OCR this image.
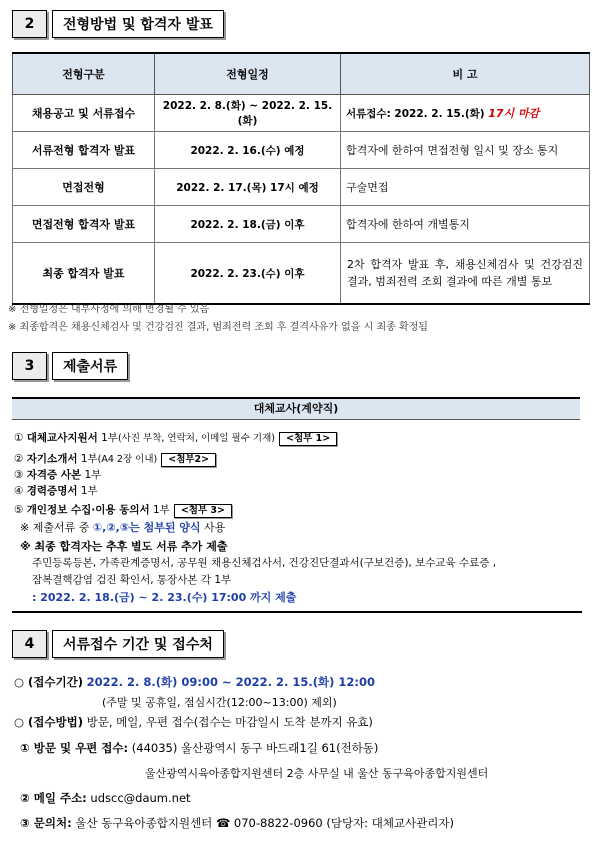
2	전형방법 및 합격자 발표
전형구분	전형일정	비 고
채용공고 및 서류접수	2022. 2. 8.(화) ~ 2022. 2. 15.(화)	서류접수: 2022. 2. 15.(화) 17시 마감
서류전형 합격자 발표	2022. 2. 16.(수) 예정	합격자에 한하여 면접전형 일시 및 장소 통지
면접전형	2022. 2. 17.(목) 17시 예정	구술면접
면접전형 합격자 발표	2022. 2. 18.(금) 이후	합격자에 한하여 개별통지
최종 합격자 발표	2022. 2. 23.(수) 이후	2차 합격자 발표 후, 채용신체검사 및 건강검진 결과, 범죄전력 조회 결과에 따른 개별 통보
※ 전형일정은 내부사정에 의해 변경될 수 있음
※ 최종합격은 채용신체검사 및 건강검진 결과, 범죄전력 조회 후 결격사유가 없을 시 최종 확정됨
3	제출서류
대체교사(계약직)
① 대체교사지원서 1부(사진 부착, 연락처, 이메일 필수 기재) <첨부 1>
② 자기소개서 1부(A4 2장 이내) <첨부2>
③ 자격증 사본 1부
④ 경력증명서 1부
⑤ 개인정보 수집·이용 동의서 1부 <첨부 3>
※ 제출서류 중 ①,②,⑤는 첨부된 양식 사용
※ 최종 합격자는 추후 별도 서류 추가 제출
주민등록등본, 가족관계증명서, 공무원 채용신체검사서, 건강진단결과서(구보건증), 보수교육 수료증 ,
잠복결핵감염 검진 확인서, 통장사본 각 1부
: 2022. 2. 18.(금) ~ 2. 23.(수) 17:00 까지 제출
4	서류접수 기간 및 접수처
○ (접수기간) 2022. 2. 8.(화) 09:00 ~ 2022. 2. 15.(화) 12:00
(주말 및 공휴일, 점심시간(12:00~13:00) 제외)
○ (접수방법) 방문, 메일, 우편 접수(접수는 마감일시 도착 분까지 유효)
① 방문 및 우편 접수: (44035) 울산광역시 동구 바드래1길 61(전하동)
울산광역시육아종합지원센터 2층 사무실 내 울산 동구육아종합지원센터
② 메일 주소: udscc@daum.net
③ 문의처: 울산 동구육아종합지원센터 ☎ 070-8822-0960 (담당자: 대체교사관리자)
